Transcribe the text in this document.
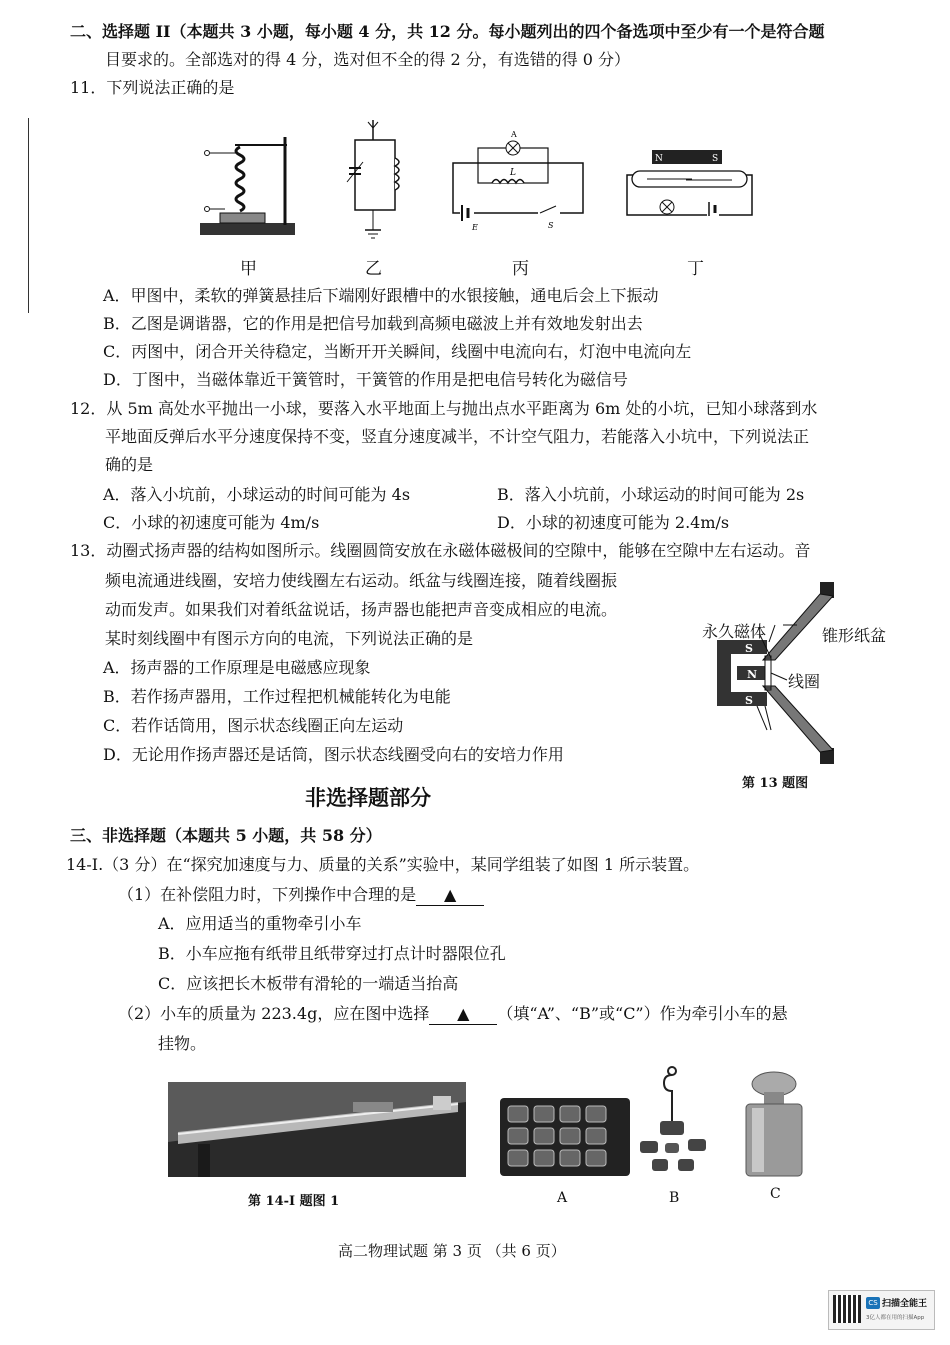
二、选择题 II（本题共 3 小题，每小题 4 分，共 12 分。每小题列出的四个备选项中至少有一个是符合题
目要求的。全部选对的得 4 分，选对但不全的得 2 分，有选错的得 0 分）
11．下列说法正确的是
A
L
E	S
N	S
甲	乙	丙	丁
A．甲图中，柔软的弹簧悬挂后下端刚好跟槽中的水银接触，通电后会上下振动
B．乙图是调谐器，它的作用是把信号加载到高频电磁波上并有效地发射出去
C．丙图中，闭合开关待稳定，当断开开关瞬间，线圈中电流向右，灯泡中电流向左
D．丁图中，当磁体靠近干簧管时，干簧管的作用是把电信号转化为磁信号
12．从 5m 高处水平抛出一小球，要落入水平地面上与抛出点水平距离为 6m 处的小坑，已知小球落到水
平地面反弹后水平分速度保持不变，竖直分速度减半，不计空气阻力，若能落入小坑中，下列说法正
确的是
A．落入小坑前，小球运动的时间可能为 4s	B．落入小坑前，小球运动的时间可能为 2s
C．小球的初速度可能为 4m/s	D．小球的初速度可能为 2.4m/s
13．动圈式扬声器的结构如图所示。线圈圆筒安放在永磁体磁极间的空隙中，能够在空隙中左右运动。音
频电流通进线圈，安培力使线圈左右运动。纸盆与线圈连接，随着线圈振
动而发声。如果我们对着纸盆说话，扬声器也能把声音变成相应的电流。
某时刻线圈中有图示方向的电流，下列说法正确的是
A．扬声器的工作原理是电磁感应现象
B．若作扬声器用，工作过程把机械能转化为电能
C．若作话筒用，图示状态线圈正向左运动
D．无论用作扬声器还是话筒，图示状态线圈受向右的安培力作用
S
N
S
永久磁体	锥形纸盆
线圈
第 13 题图
非选择题部分
三、非选择题（本题共 5 小题，共 58 分）
14-I.（3 分）在“探究加速度与力、质量的关系”实验中，某同学组装了如图 1 所示装置。
（1）在补偿阻力时，下列操作中合理的是 ▲
A．应用适当的重物牵引小车
B．小车应拖有纸带且纸带穿过打点计时器限位孔
C．应该把长木板带有滑轮的一端适当抬高
（2）小车的质量为 223.4g，应在图中选择 ▲ （填“A”、“B”或“C”）作为牵引小车的悬
挂物。
第 14-I 题图 1	A	B	C
高二物理试题 第 3 页 （共 6 页）
CS 扫描全能王
3亿人都在用的扫描App
